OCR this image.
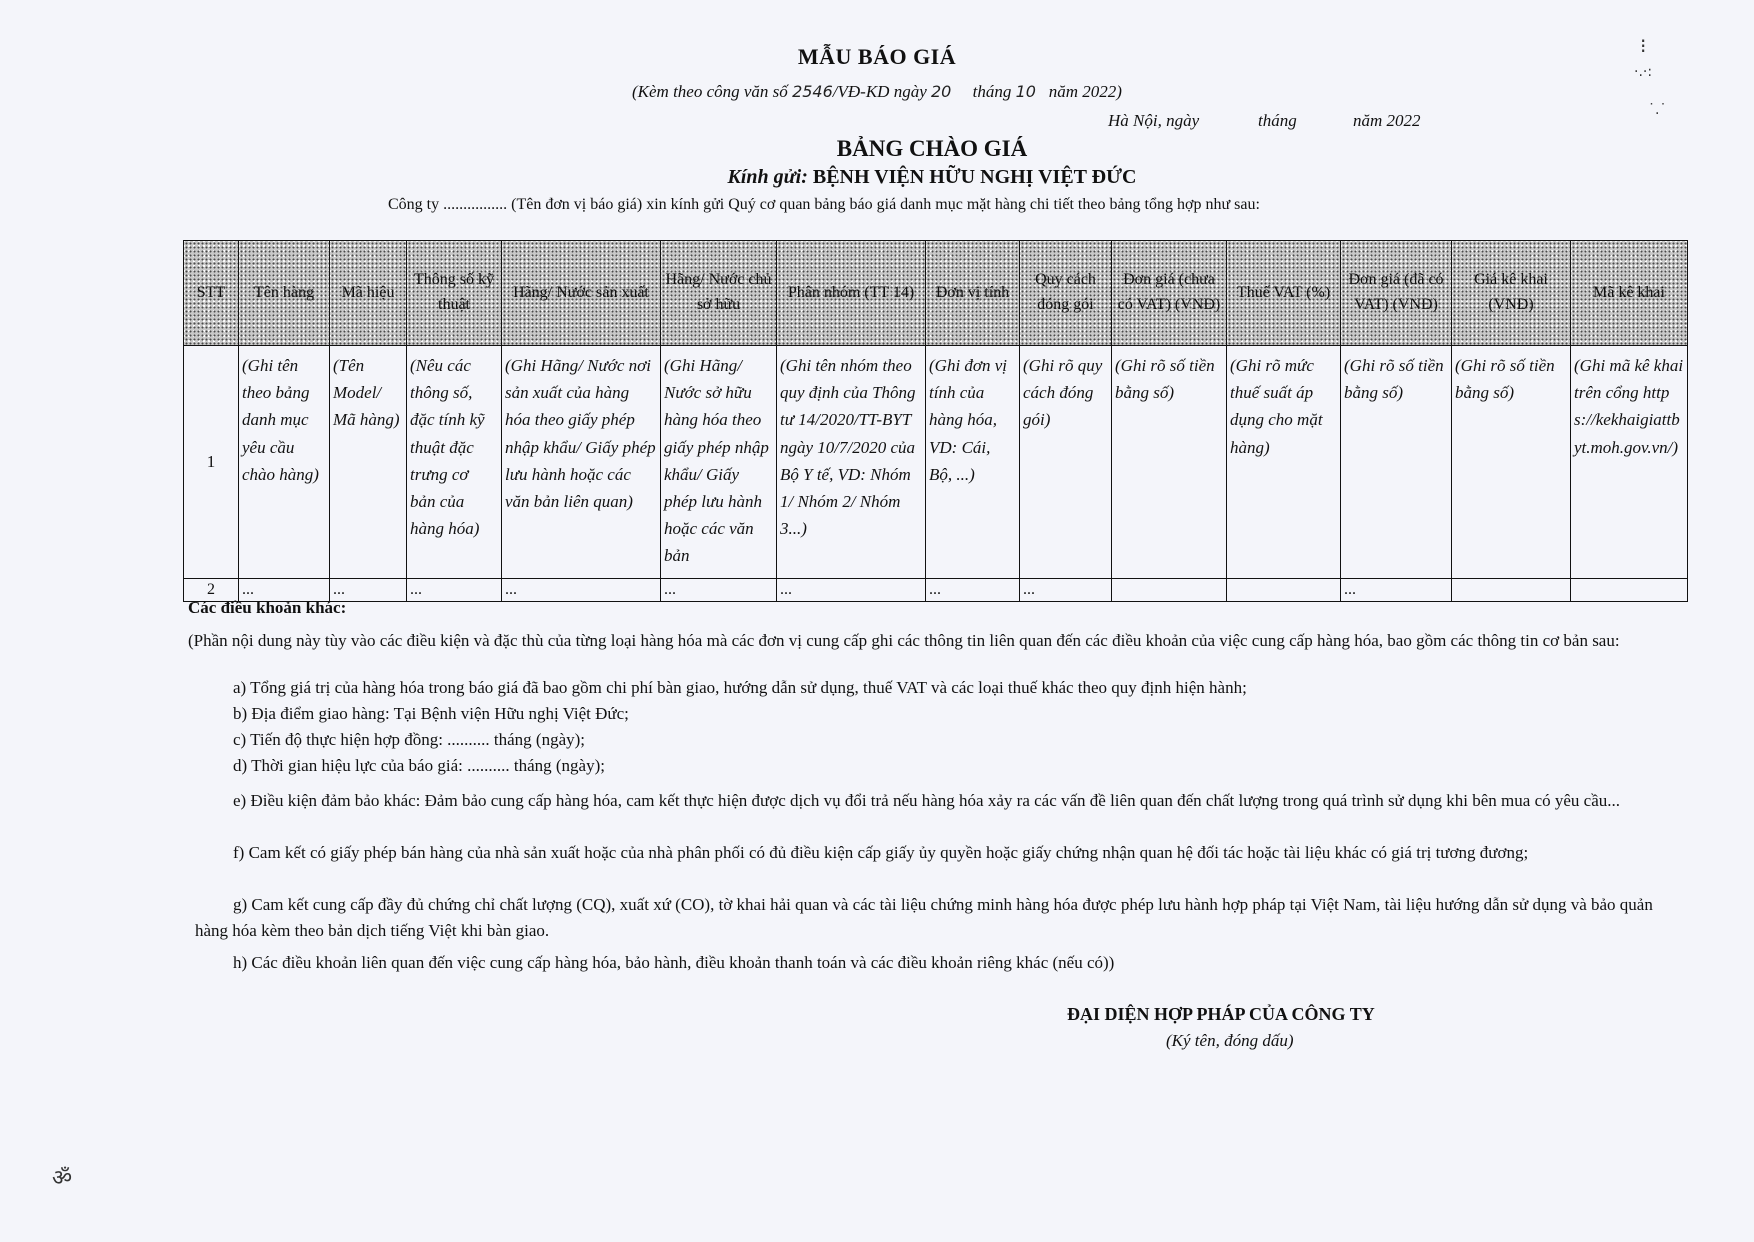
MẪU BÁO GIÁ
(Kèm theo công văn số 2546/VĐ-KD ngày 20 tháng 10 năm 2022)
Hà Nội, ngày	tháng	năm 2022
BẢNG CHÀO GIÁ
Kính gửi: BỆNH VIỆN HỮU NGHỊ VIỆT ĐỨC
Công ty ................ (Tên đơn vị báo giá) xin kính gửi Quý cơ quan bảng báo giá danh mục mặt hàng chi tiết theo bảng tổng hợp như sau:
STT	Tên hàng	Mã hiệu	Thông số kỹ thuật	Hãng/ Nước sản xuất	Hãng/ Nước chủ sở hữu	Phân nhóm (TT 14)	Đơn vị tính	Quy cách đóng gói	Đơn giá (chưa có VAT) (VNĐ)	Thuế VAT (%)	Đơn giá (đã có VAT) (VNĐ)	Giá kê khai (VNĐ)	Mã kê khai
1	(Ghi tên theo bảng danh mục yêu cầu chào hàng)	(Tên Model/ Mã hàng)	(Nêu các thông số, đặc tính kỹ thuật đặc trưng cơ bản của hàng hóa)	(Ghi Hãng/ Nước nơi sản xuất của hàng hóa theo giấy phép nhập khẩu/ Giấy phép lưu hành hoặc các văn bản liên quan)	(Ghi Hãng/ Nước sở hữu hàng hóa theo giấy phép nhập khẩu/ Giấy phép lưu hành hoặc các văn bản	(Ghi tên nhóm theo quy định của Thông tư 14/2020/TT-BYT ngày 10/7/2020 của Bộ Y tế, VD: Nhóm 1/ Nhóm 2/ Nhóm 3...)	(Ghi đơn vị tính của hàng hóa, VD: Cái, Bộ, ...)	(Ghi rõ quy cách đóng gói)	(Ghi rõ số tiền bằng số)	(Ghi rõ mức thuế suất áp dụng cho mặt hàng)	(Ghi rõ số tiền bằng số)	(Ghi rõ số tiền bằng số)	(Ghi mã kê khai trên cổng https://kekhaigiattbyt.moh.gov.vn/)
2	...	...	...	...	...	...	...	...			...		
Các điều khoản khác:
(Phần nội dung này tùy vào các điều kiện và đặc thù của từng loại hàng hóa mà các đơn vị cung cấp ghi các thông tin liên quan đến các điều khoản của việc cung cấp hàng hóa, bao gồm các thông tin cơ bản sau:
a) Tổng giá trị của hàng hóa trong báo giá đã bao gồm chi phí bàn giao, hướng dẫn sử dụng, thuế VAT và các loại thuế khác theo quy định hiện hành;
b) Địa điểm giao hàng: Tại Bệnh viện Hữu nghị Việt Đức;
c) Tiến độ thực hiện hợp đồng: .......... tháng (ngày);
d) Thời gian hiệu lực của báo giá: .......... tháng (ngày);
e) Điều kiện đảm bảo khác: Đảm bảo cung cấp hàng hóa, cam kết thực hiện được dịch vụ đổi trả nếu hàng hóa xảy ra các vấn đề liên quan đến chất lượng trong quá trình sử dụng khi bên mua có yêu cầu...
f) Cam kết có giấy phép bán hàng của nhà sản xuất hoặc của nhà phân phối có đủ điều kiện cấp giấy ủy quyền hoặc giấy chứng nhận quan hệ đối tác hoặc tài liệu khác có giá trị tương đương;
g) Cam kết cung cấp đầy đủ chứng chỉ chất lượng (CQ), xuất xứ (CO), tờ khai hải quan và các tài liệu chứng minh hàng hóa được phép lưu hành hợp pháp tại Việt Nam, tài liệu hướng dẫn sử dụng và bảo quản hàng hóa kèm theo bản dịch tiếng Việt khi bàn giao.
h) Các điều khoản liên quan đến việc cung cấp hàng hóa, bảo hành, điều khoản thanh toán và các điều khoản riêng khác (nếu có))
ĐẠI DIỆN HỢP PHÁP CỦA CÔNG TY
(Ký tên, đóng dấu)
⁝
·.·:
˙.˙
ॐ
